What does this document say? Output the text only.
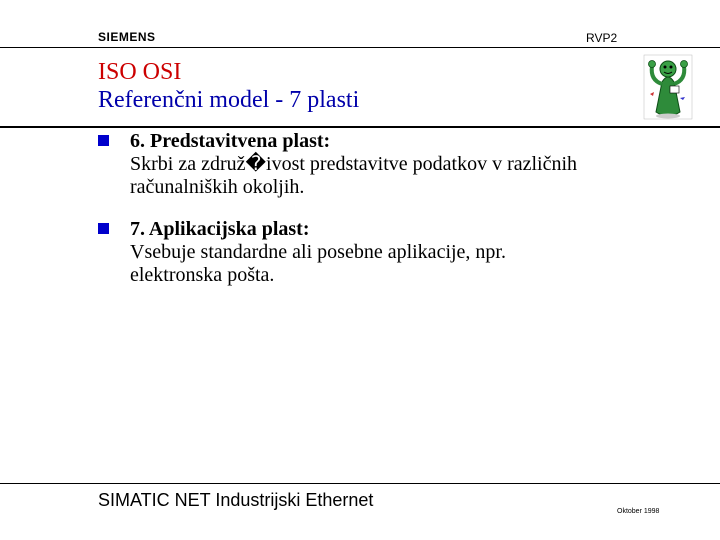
SIEMENS	RVP2
ISO OSI
Referenčni model - 7 plasti
6. Predstavitvena plast:
Skrbi za združ�ivost predstavitve podatkov v različnih
računalniških okoljih.
7. Aplikacijska plast:
Vsebuje standardne ali posebne aplikacije, npr.
elektronska pošta.
SIMATIC NET Industrijski Ethernet
Oktober 1998
